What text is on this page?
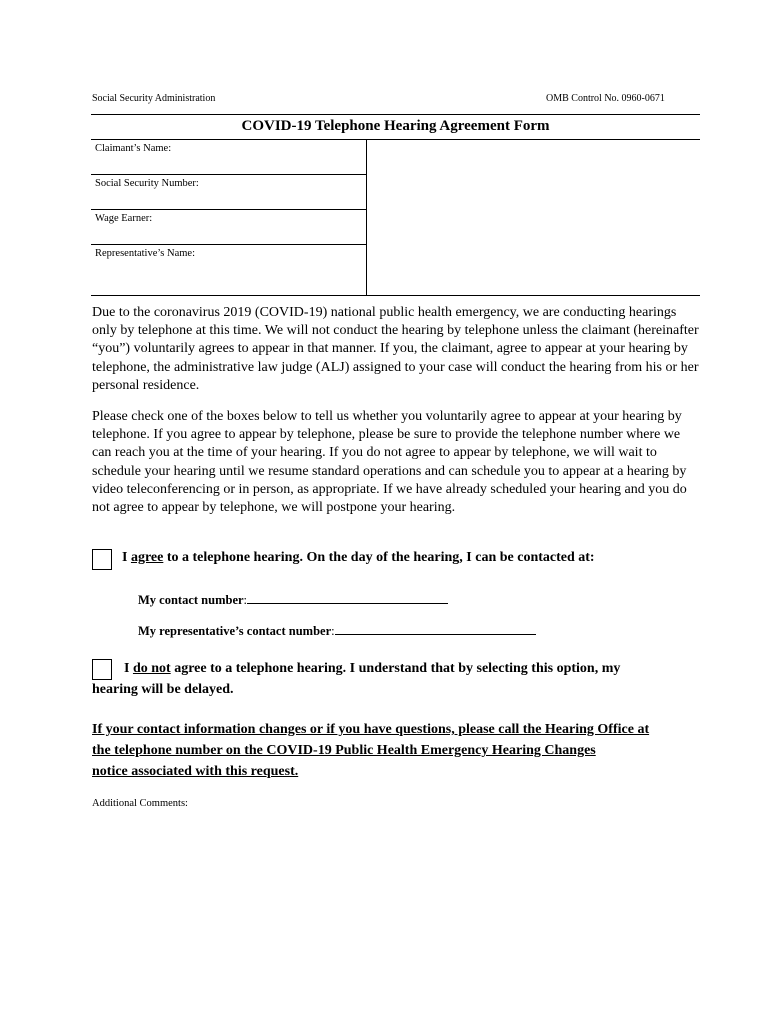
Social Security Administration	OMB Control No. 0960-0671
COVID-19 Telephone Hearing Agreement Form
Claimant’s Name:
Social Security Number:
Wage Earner:
Representative’s Name:

Due to the coronavirus 2019 (COVID-19) national public health emergency, we are conducting hearings only by telephone at this time. We will not conduct the hearing by telephone unless the claimant (hereinafter “you”) voluntarily agrees to appear in that manner. If you, the claimant, agree to appear at your hearing by telephone, the administrative law judge (ALJ) assigned to your case will conduct the hearing from his or her personal residence.

Please check one of the boxes below to tell us whether you voluntarily agree to appear at your hearing by telephone. If you agree to appear by telephone, please be sure to provide the telephone number where we can reach you at the time of your hearing. If you do not agree to appear by telephone, we will wait to schedule your hearing until we resume standard operations and can schedule you to appear at a hearing by video teleconferencing or in person, as appropriate. If we have already scheduled your hearing and you do not agree to appear by telephone, we will postpone your hearing.

I agree to a telephone hearing. On the day of the hearing, I can be contacted at:
My contact number:
My representative’s contact number:
I do not agree to a telephone hearing. I understand that by selecting this option, my
hearing will be delayed.
If your contact information changes or if you have questions, please call the Hearing Office at
the telephone number on the COVID-19 Public Health Emergency Hearing Changes
notice associated with this request.
Additional Comments:
